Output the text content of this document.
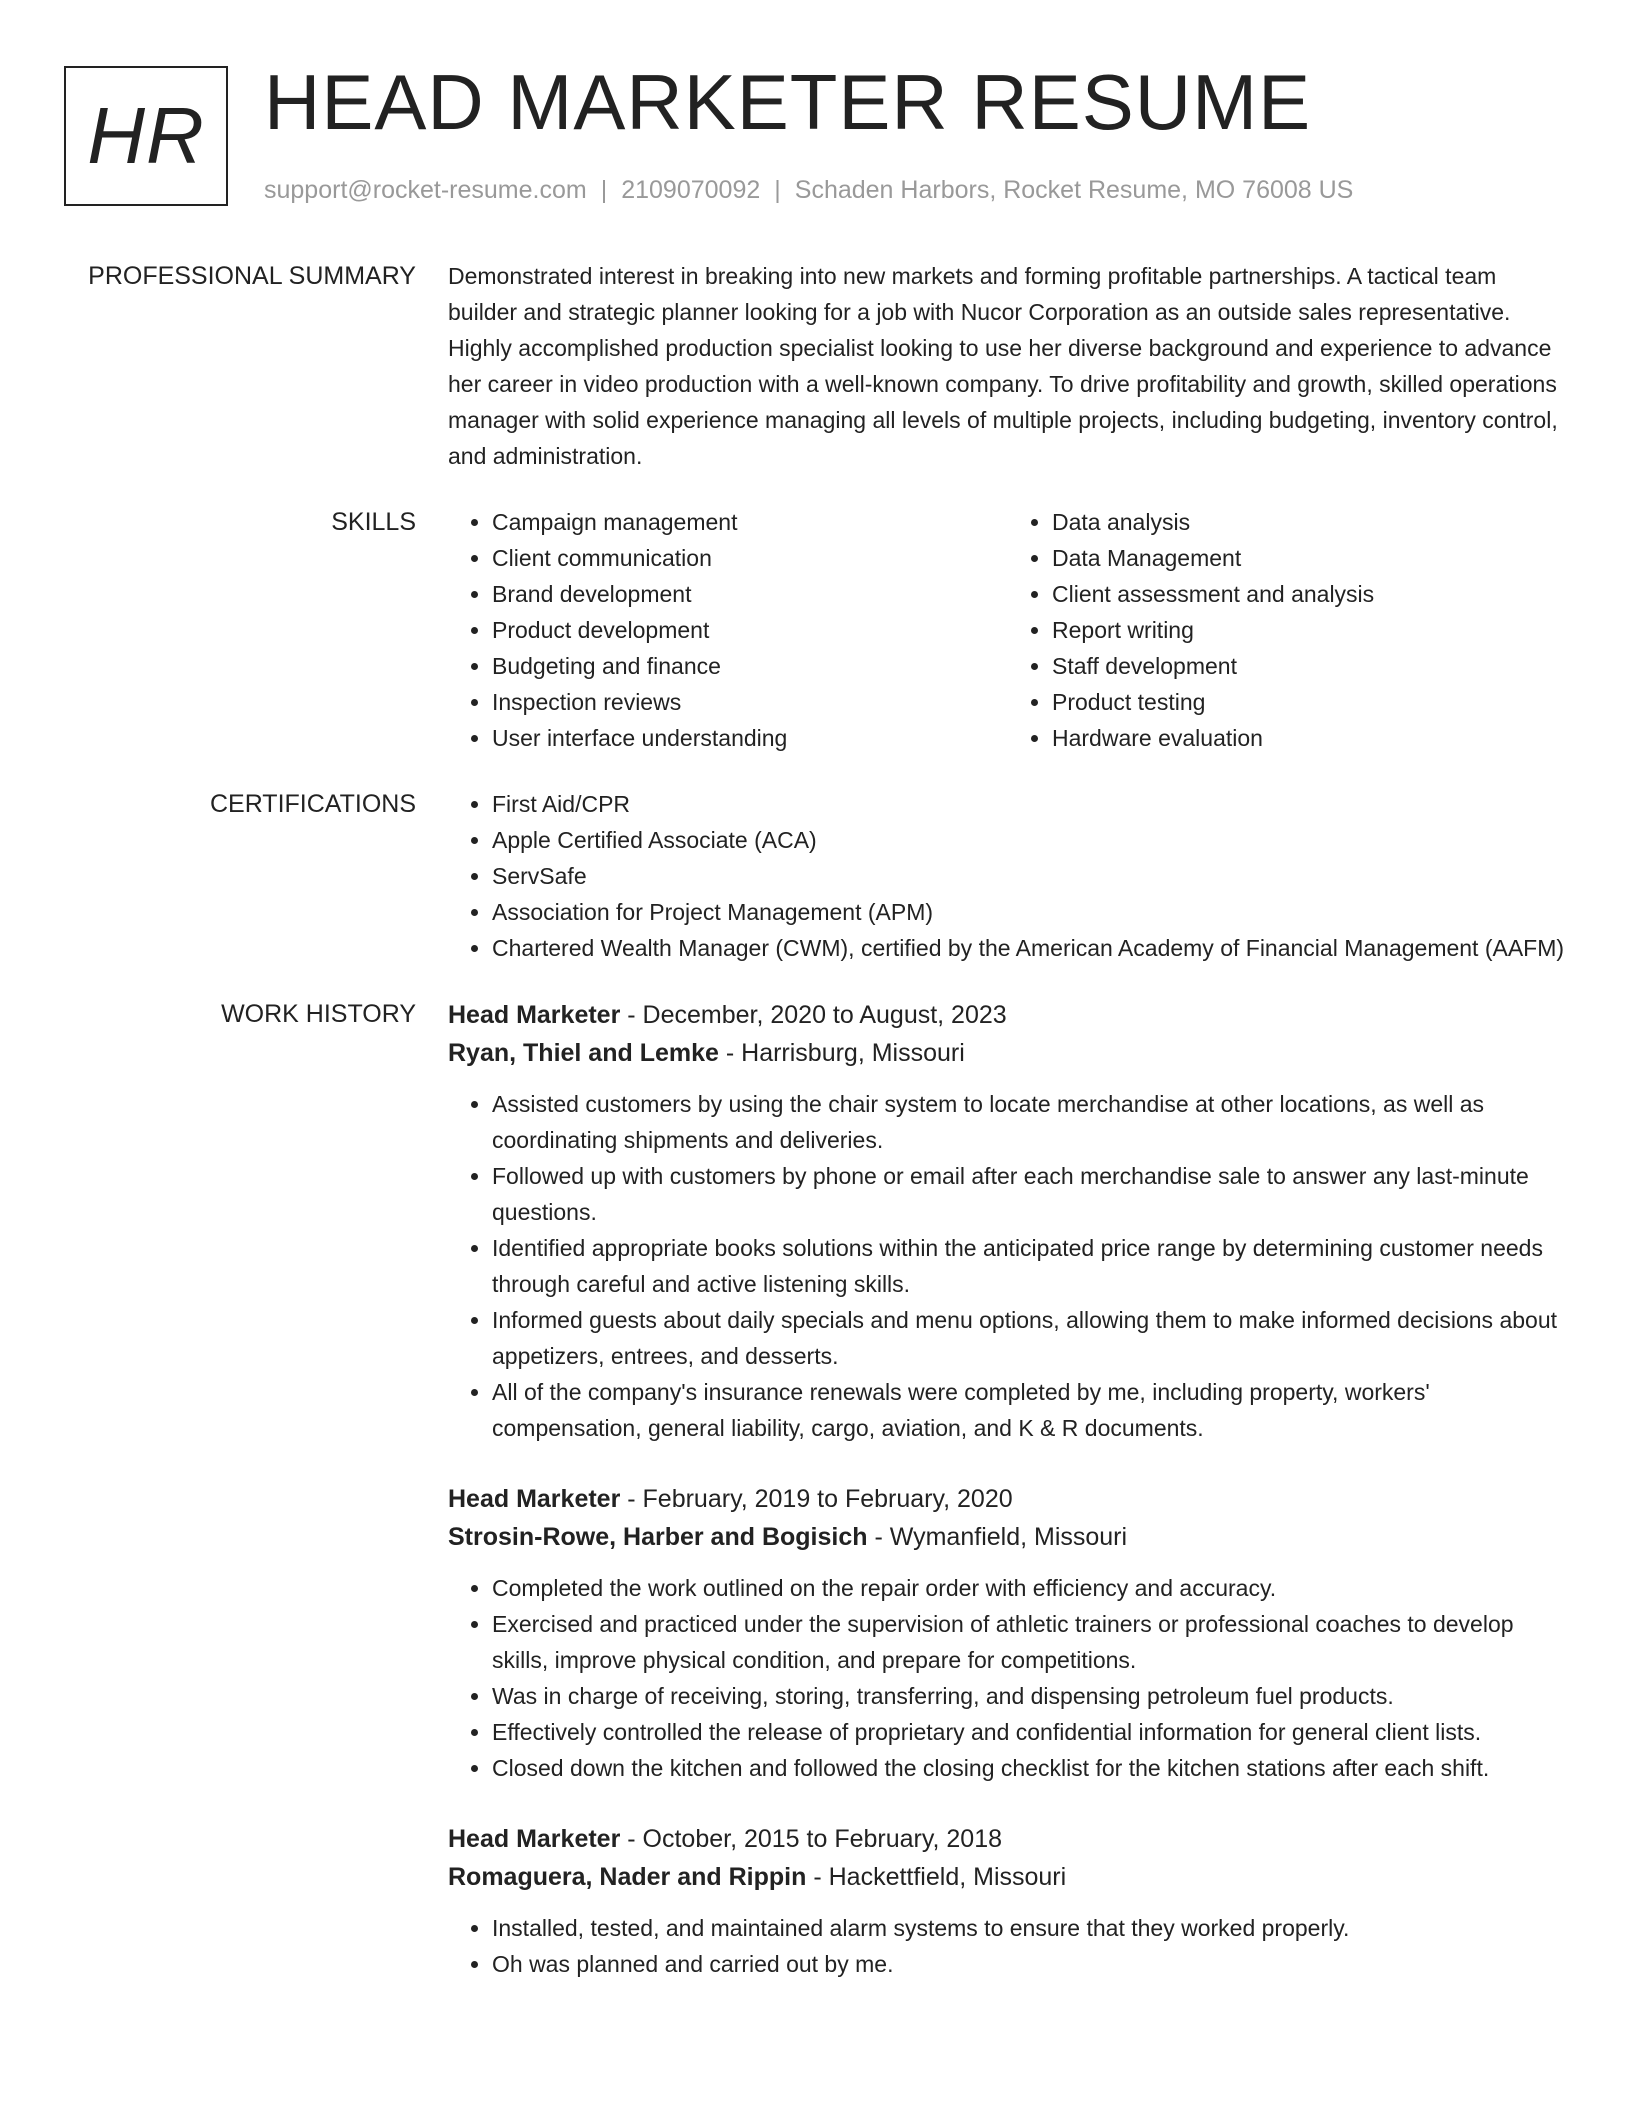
HR HEAD MARKETER RESUME
support@rocket-resume.com | 2109070092 | Schaden Harbors, Rocket Resume, MO 76008 US
PROFESSIONAL SUMMARY Demonstrated interest in breaking into new markets and forming profitable partnerships. A tactical team builder and strategic planner looking for a job with Nucor Corporation as an outside sales representative. Highly accomplished production specialist looking to use her diverse background and experience to advance her career in video production with a well-known company. To drive profitability and growth, skilled operations manager with solid experience managing all levels of multiple projects, including budgeting, inventory control, and administration.

SKILLS	• Campaign management
• Client communication
• Brand development
• Product development
• Budgeting and finance
• Inspection reviews
• User interface understanding
• Data analysis
• Data Management
• Client assessment and analysis
• Report writing
• Staff development
• Product testing
• Hardware evaluation
CERTIFICATIONS	• First Aid/CPR
• Apple Certified Associate (ACA)
• ServSafe
• Association for Project Management (APM)
• Chartered Wealth Manager (CWM), certified by the American Academy of Financial Management (AAFM)
WORK HISTORY Head Marketer - December, 2020 to August, 2023
Ryan, Thiel and Lemke - Harrisburg, Missouri
• Assisted customers by using the chair system to locate merchandise at other locations, as well as coordinating shipments and deliveries.
• Followed up with customers by phone or email after each merchandise sale to answer any last-minute questions.
• Identified appropriate books solutions within the anticipated price range by determining customer needs through careful and active listening skills.
• Informed guests about daily specials and menu options, allowing them to make informed decisions about appetizers, entrees, and desserts.
• All of the company's insurance renewals were completed by me, including property, workers' compensation, general liability, cargo, aviation, and K & R documents.
Head Marketer - February, 2019 to February, 2020
Strosin-Rowe, Harber and Bogisich - Wymanfield, Missouri
• Completed the work outlined on the repair order with efficiency and accuracy.
• Exercised and practiced under the supervision of athletic trainers or professional coaches to develop skills, improve physical condition, and prepare for competitions.
• Was in charge of receiving, storing, transferring, and dispensing petroleum fuel products.
• Effectively controlled the release of proprietary and confidential information for general client lists.
• Closed down the kitchen and followed the closing checklist for the kitchen stations after each shift.
Head Marketer - October, 2015 to February, 2018
Romaguera, Nader and Rippin - Hackettfield, Missouri
• Installed, tested, and maintained alarm systems to ensure that they worked properly.
• Oh was planned and carried out by me.
